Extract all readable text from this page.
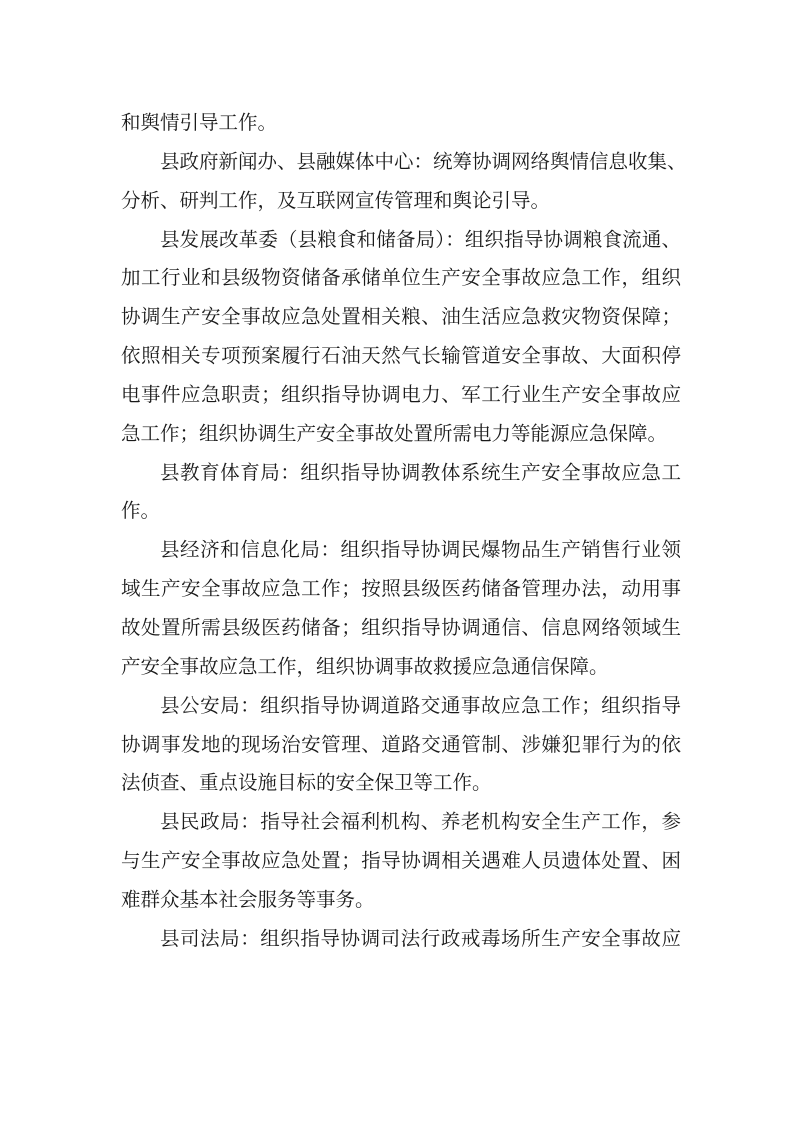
和舆情引导工作。
县政府新闻办、县融媒体中心：统筹协调网络舆情信息收集、
分析、研判工作，及互联网宣传管理和舆论引导。
县发展改革委（县粮食和储备局）：组织指导协调粮食流通、
加工行业和县级物资储备承储单位生产安全事故应急工作，组织
协调生产安全事故应急处置相关粮、油生活应急救灾物资保障；
依照相关专项预案履行石油天然气长输管道安全事故、大面积停
电事件应急职责；组织指导协调电力、军工行业生产安全事故应
急工作；组织协调生产安全事故处置所需电力等能源应急保障。
县教育体育局：组织指导协调教体系统生产安全事故应急工
作。
县经济和信息化局：组织指导协调民爆物品生产销售行业领
域生产安全事故应急工作；按照县级医药储备管理办法，动用事
故处置所需县级医药储备；组织指导协调通信、信息网络领域生
产安全事故应急工作，组织协调事故救援应急通信保障。
县公安局：组织指导协调道路交通事故应急工作；组织指导
协调事发地的现场治安管理、道路交通管制、涉嫌犯罪行为的依
法侦查、重点设施目标的安全保卫等工作。
县民政局：指导社会福利机构、养老机构安全生产工作，参
与生产安全事故应急处置；指导协调相关遇难人员遗体处置、困
难群众基本社会服务等事务。
县司法局：组织指导协调司法行政戒毒场所生产安全事故应
